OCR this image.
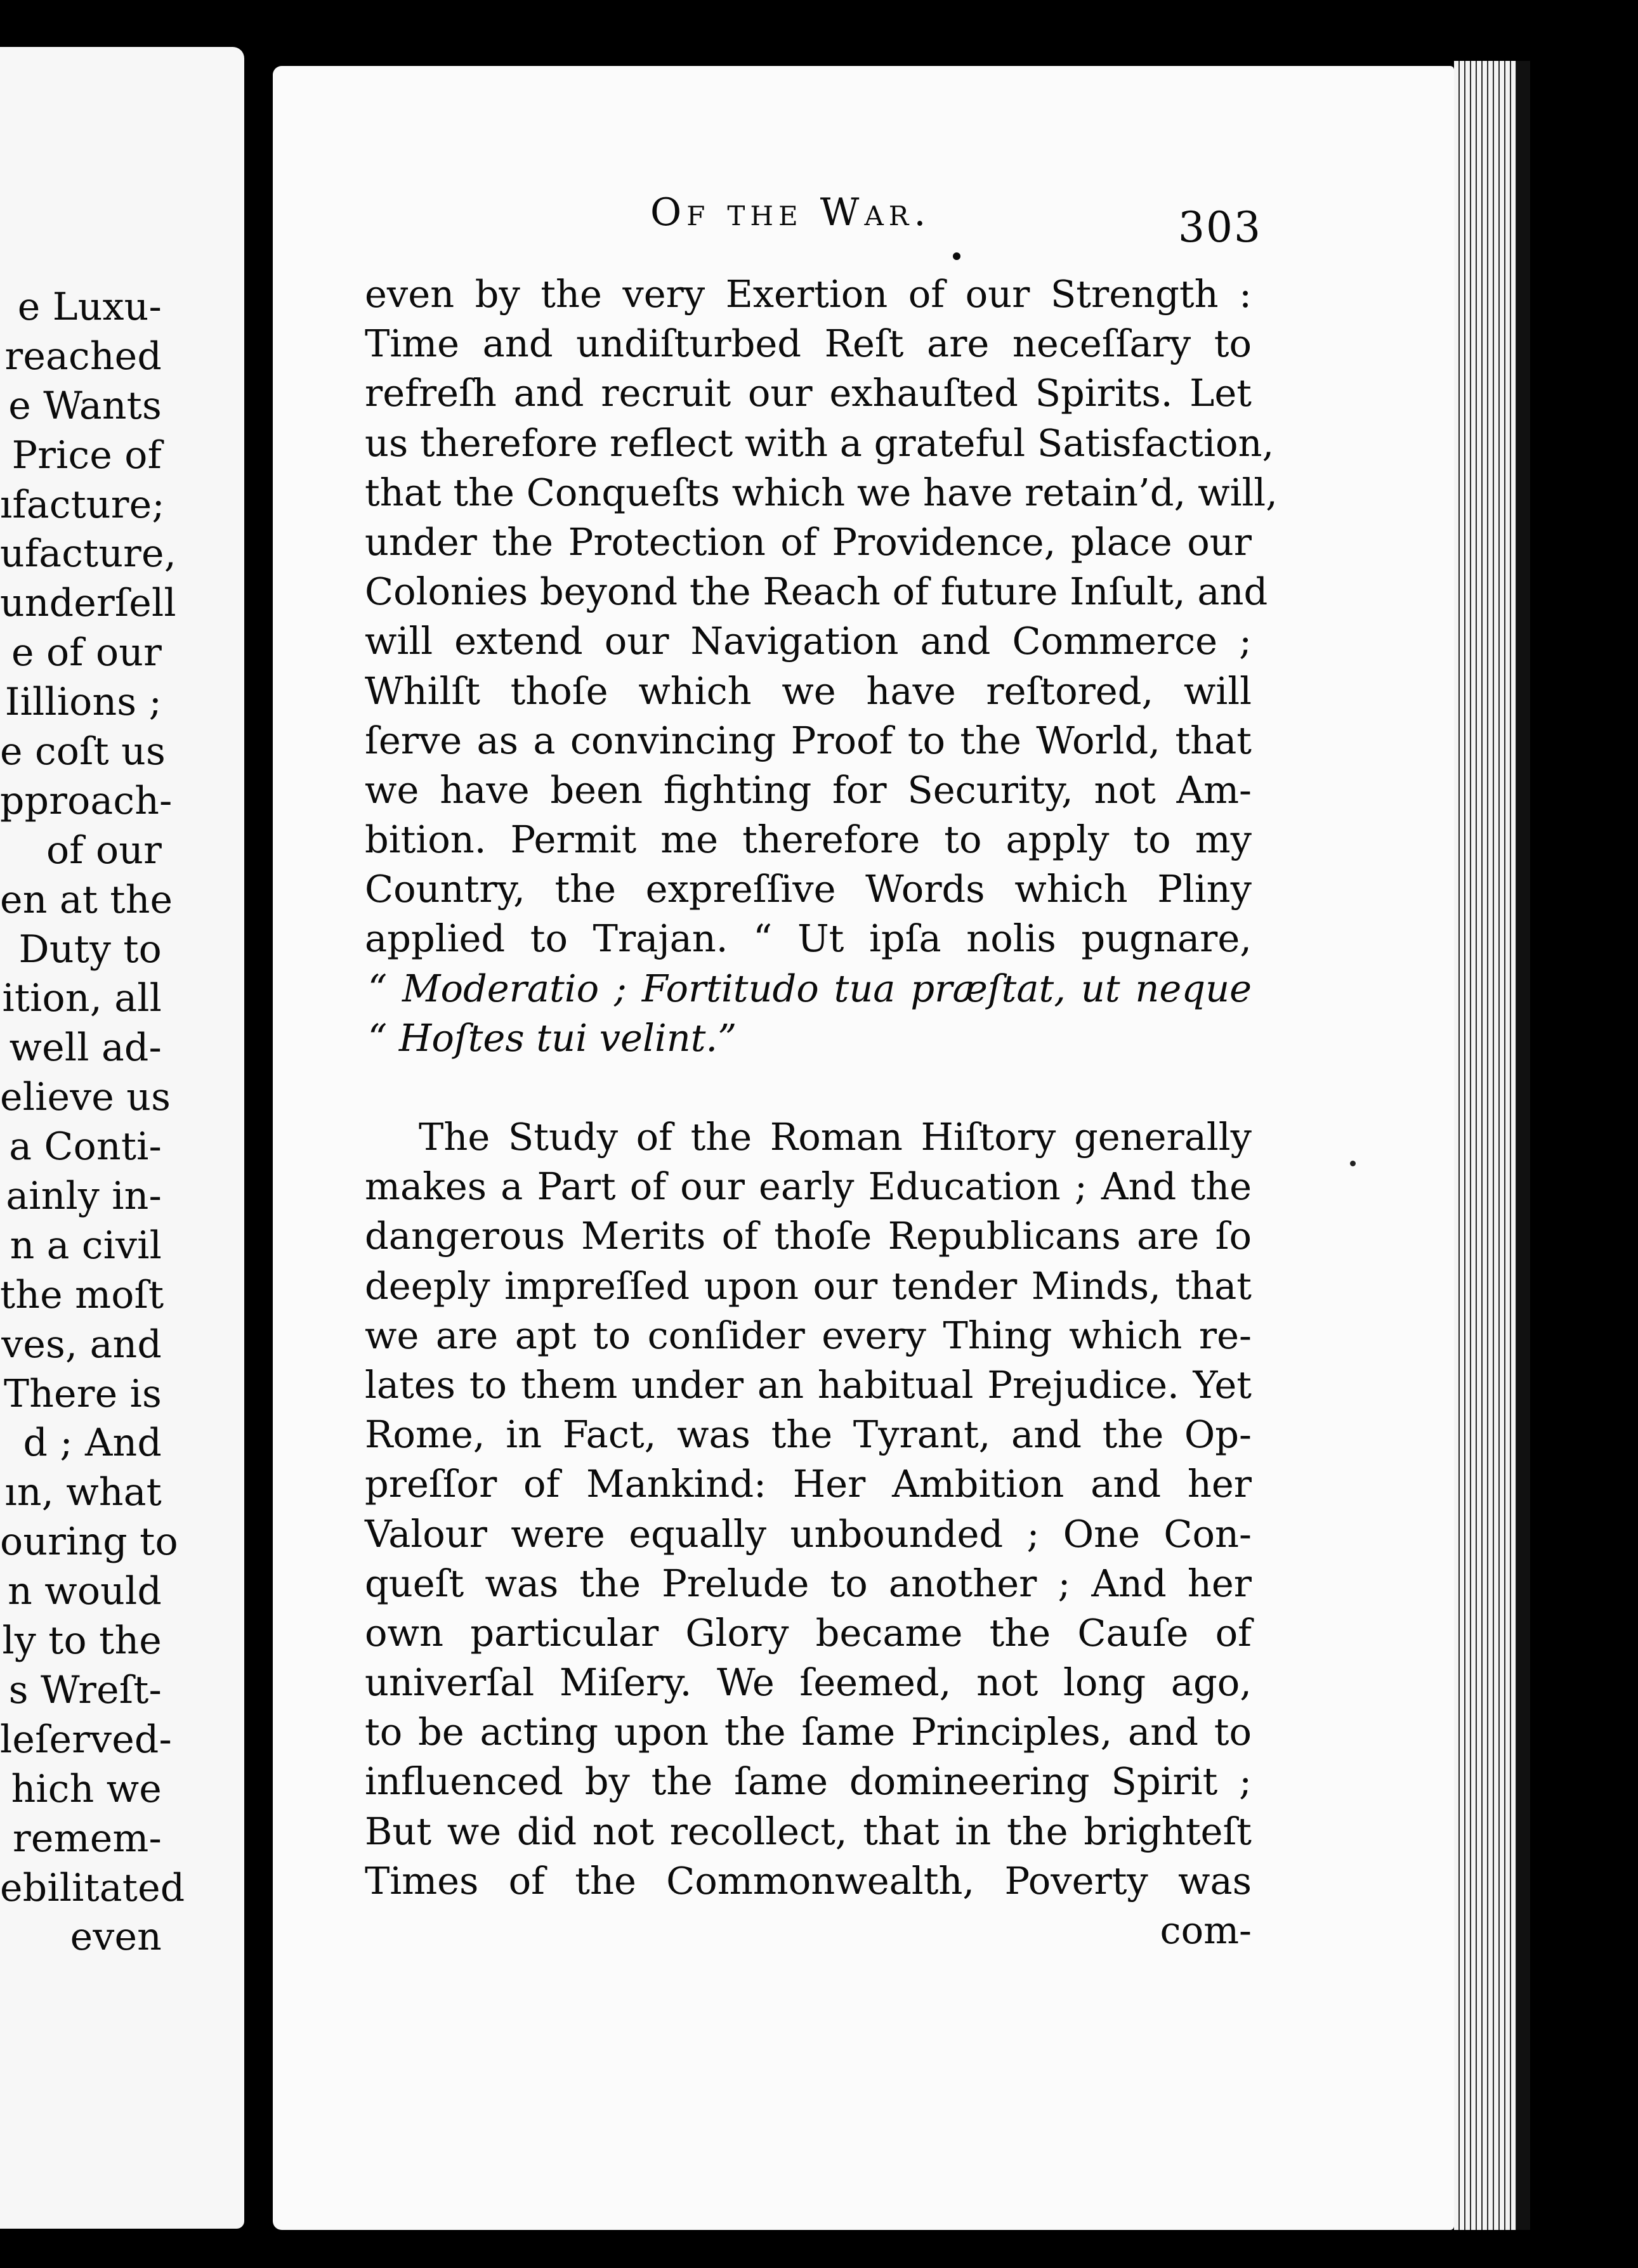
e Luxu-
reached
e Wants
Price of
ıfacture;
ufacture,
underſell
e of our
Iillions ;
e coſt us
pproach-
of our
en at the
Duty to
ition, all
well ad-
elieve us
a Conti-
ainly in-
n a civil
the moſt
ves, and
There is
d ; And
ın, what
ouring to
n would
ly to the
s Wreſt-
leſerved-
hich we
remem-
ebilitated
even
Of the War.	303
even by the very Exertion of our Strength :
Time and undiſturbed Reſt are neceſſary to
refreſh and recruit our exhauſted Spirits. Let
us therefore reflect with a grateful Satisfaction,
that the Conqueſts which we have retain’d, will,
under the Protection of Providence, place our
Colonies beyond the Reach of future Inſult, and
will extend our Navigation and Commerce ;
Whilſt thoſe which we have reſtored, will
ſerve as a convincing Proof to the World, that
we have been fighting for Security, not Am-
bition. Permit me therefore to apply to my
Country, the expreſſive Words which Pliny
applied to Trajan. “ Ut ipſa nolis pugnare,
“ Moderatio ; Fortitudo tua præſtat, ut neque
“ Hoſtes tui velint.”
The Study of the Roman Hiſtory generally
makes a Part of our early Education ; And the
dangerous Merits of thoſe Republicans are ſo
deeply impreſſed upon our tender Minds, that
we are apt to conſider every Thing which re-
lates to them under an habitual Prejudice. Yet
Rome, in Fact, was the Tyrant, and the Op-
preſſor of Mankind: Her Ambition and her
Valour were equally unbounded ; One Con-
queſt was the Prelude to another ; And her
own particular Glory became the Cauſe of
univerſal Miſery. We ſeemed, not long ago,
to be acting upon the ſame Principles, and to
influenced by the ſame domineering Spirit ;
But we did not recollect, that in the brighteſt
Times of the Commonwealth, Poverty was
com-
